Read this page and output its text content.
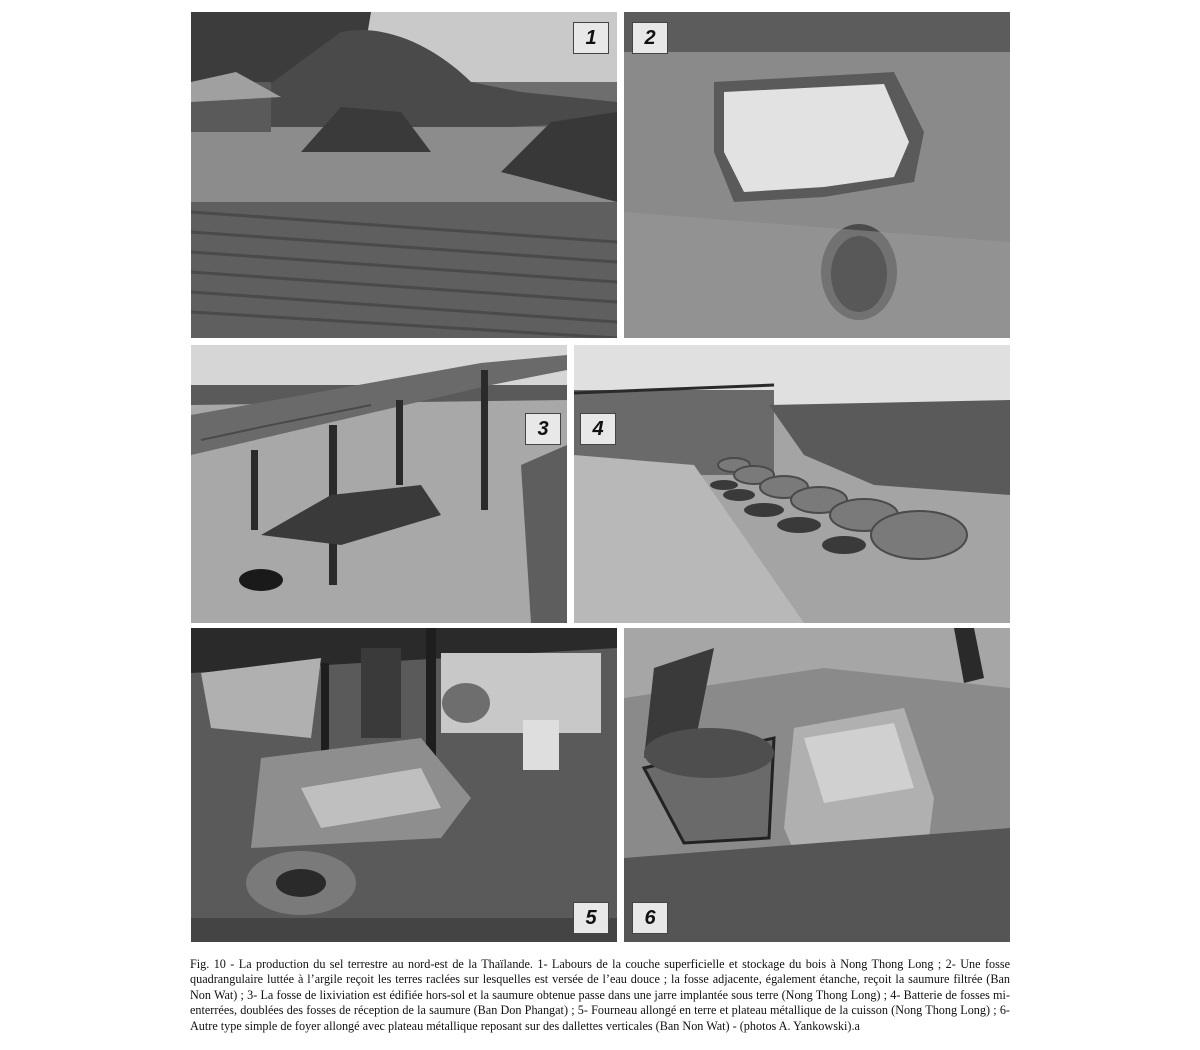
1	2
3	4
5	6
Fig. 10 - La production du sel terrestre au nord-est de la Thaïlande. 1- Labours de la couche superficielle et stockage du bois à Nong Thong Long ; 2- Une fosse quadrangulaire luttée à l’argile reçoit les terres raclées sur lesquelles est versée de l’eau douce ; la fosse adjacente, également étanche, reçoit la saumure filtrée (Ban Non Wat) ; 3- La fosse de lixiviation est édifiée hors-sol et la saumure obtenue passe dans une jarre implantée sous terre (Nong Thong Long) ; 4- Batterie de fosses mi-enterrées, doublées des fosses de réception de la saumure (Ban Don Phangat) ; 5- Fourneau allongé en terre et plateau métallique de la cuisson (Nong Thong Long) ; 6- Autre type simple de foyer allongé avec plateau métallique reposant sur des dallettes verticales (Ban Non Wat) - (photos A. Yankowski).a
